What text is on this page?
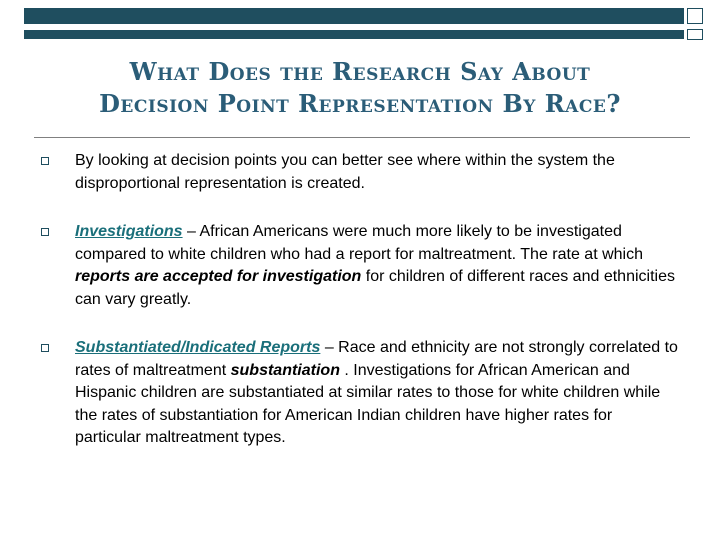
What Does the Research Say About
Decision Point Representation By Race?
By looking at decision points you can better see where within the system the disproportional representation is created.
Investigations – African Americans were much more likely to be investigated compared to white children who had a report for maltreatment. The rate at which reports are accepted for investigation for children of different races and ethnicities can vary greatly.
Substantiated/Indicated Reports – Race and ethnicity are not strongly correlated to rates of maltreatment substantiation . Investigations for African American and Hispanic children are substantiated at similar rates to those for white children while the rates of substantiation for American Indian children have higher rates for particular maltreatment types.
